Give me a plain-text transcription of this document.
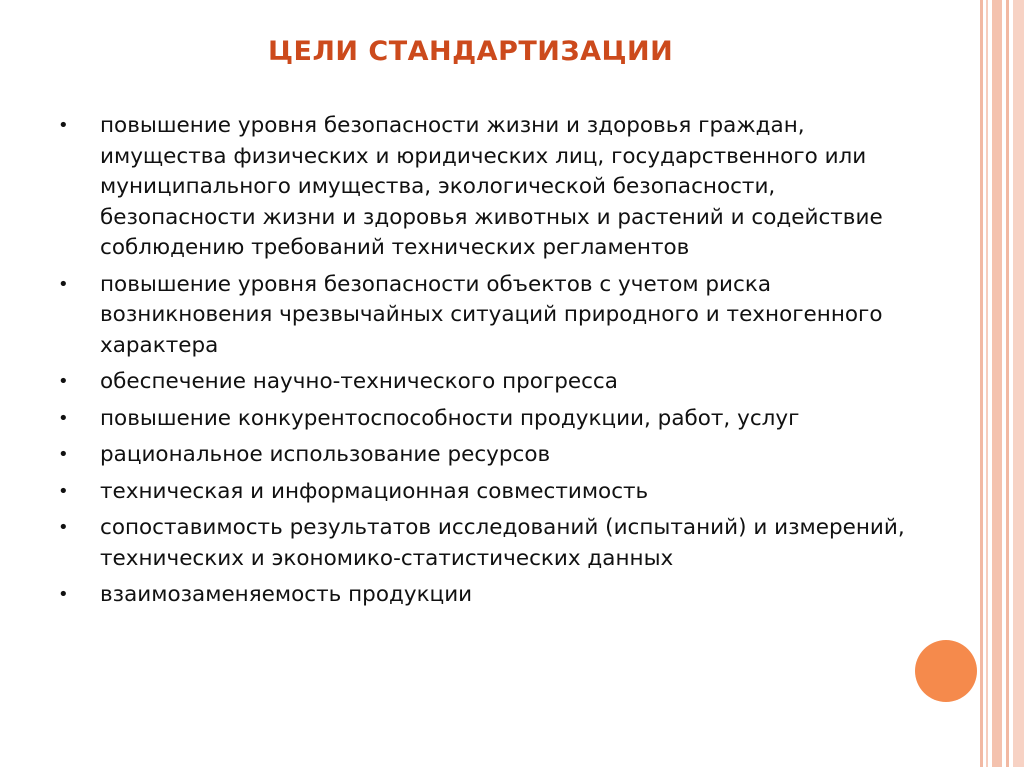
ЦЕЛИ СТАНДАРТИЗАЦИИ
•	повышение уровня безопасности жизни и здоровья граждан, имущества физических и юридических лиц, государственного или муниципального имущества, экологической безопасности, безопасности жизни и здоровья животных и растений и содействие соблюдению требований технических регламентов
•	повышение уровня безопасности объектов с учетом риска возникновения чрезвычайных ситуаций природного и техногенного характера
•	обеспечение научно-технического прогресса
•	повышение конкурентоспособности продукции, работ, услуг
•	рациональное использование ресурсов
•	техническая и информационная совместимость
•	сопоставимость результатов исследований (испытаний) и измерений, технических и экономико-статистических данных
•	взаимозаменяемость продукции
